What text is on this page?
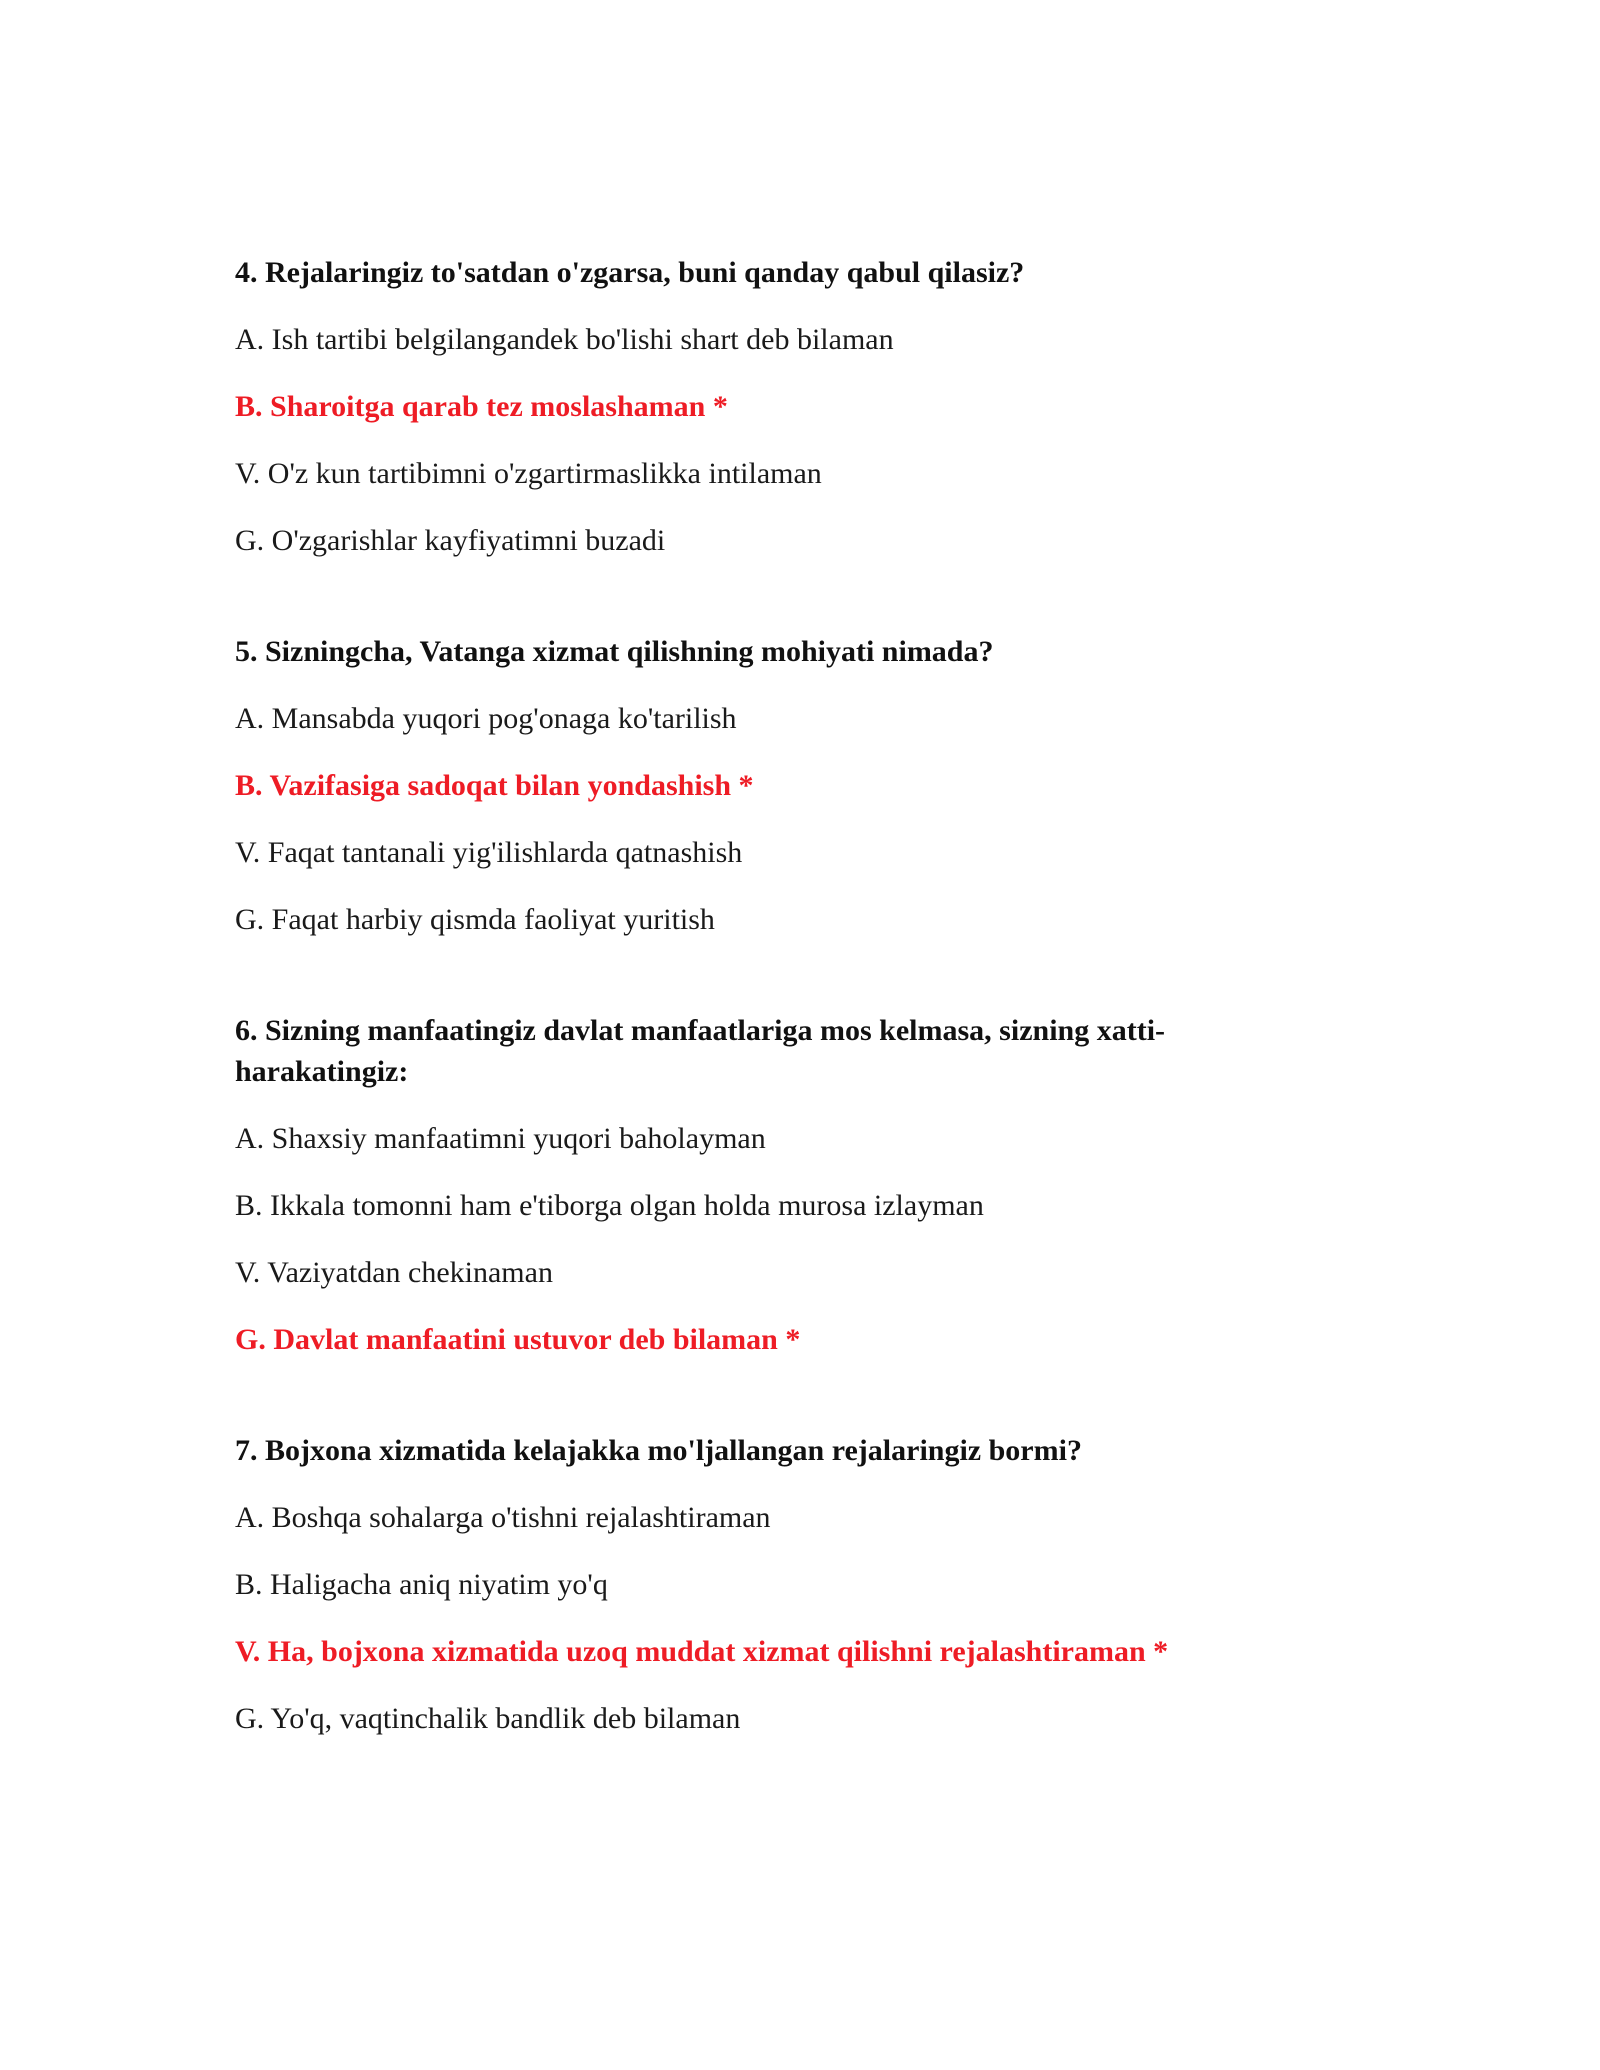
4. Rejalaringiz to'satdan o'zgarsa, buni qanday qabul qilasiz?

A. Ish tartibi belgilangandek bo'lishi shart deb bilaman

B. Sharoitga qarab tez moslashaman *

V. O'z kun tartibimni o'zgartirmaslikka intilaman

G. O'zgarishlar kayfiyatimni buzadi

5. Sizningcha, Vatanga xizmat qilishning mohiyati nimada?

A. Mansabda yuqori pog'onaga ko'tarilish

B. Vazifasiga sadoqat bilan yondashish *

V. Faqat tantanali yig'ilishlarda qatnashish

G. Faqat harbiy qismda faoliyat yuritish

6. Sizning manfaatingiz davlat manfaatlariga mos kelmasa, sizning xatti-harakatingiz:

A. Shaxsiy manfaatimni yuqori baholayman

B. Ikkala tomonni ham e'tiborga olgan holda murosa izlayman

V. Vaziyatdan chekinaman

G. Davlat manfaatini ustuvor deb bilaman *

7. Bojxona xizmatida kelajakka mo'ljallangan rejalaringiz bormi?

A. Boshqa sohalarga o'tishni rejalashtiraman

B. Haligacha aniq niyatim yo'q

V. Ha, bojxona xizmatida uzoq muddat xizmat qilishni rejalashtiraman *

G. Yo'q, vaqtinchalik bandlik deb bilaman
